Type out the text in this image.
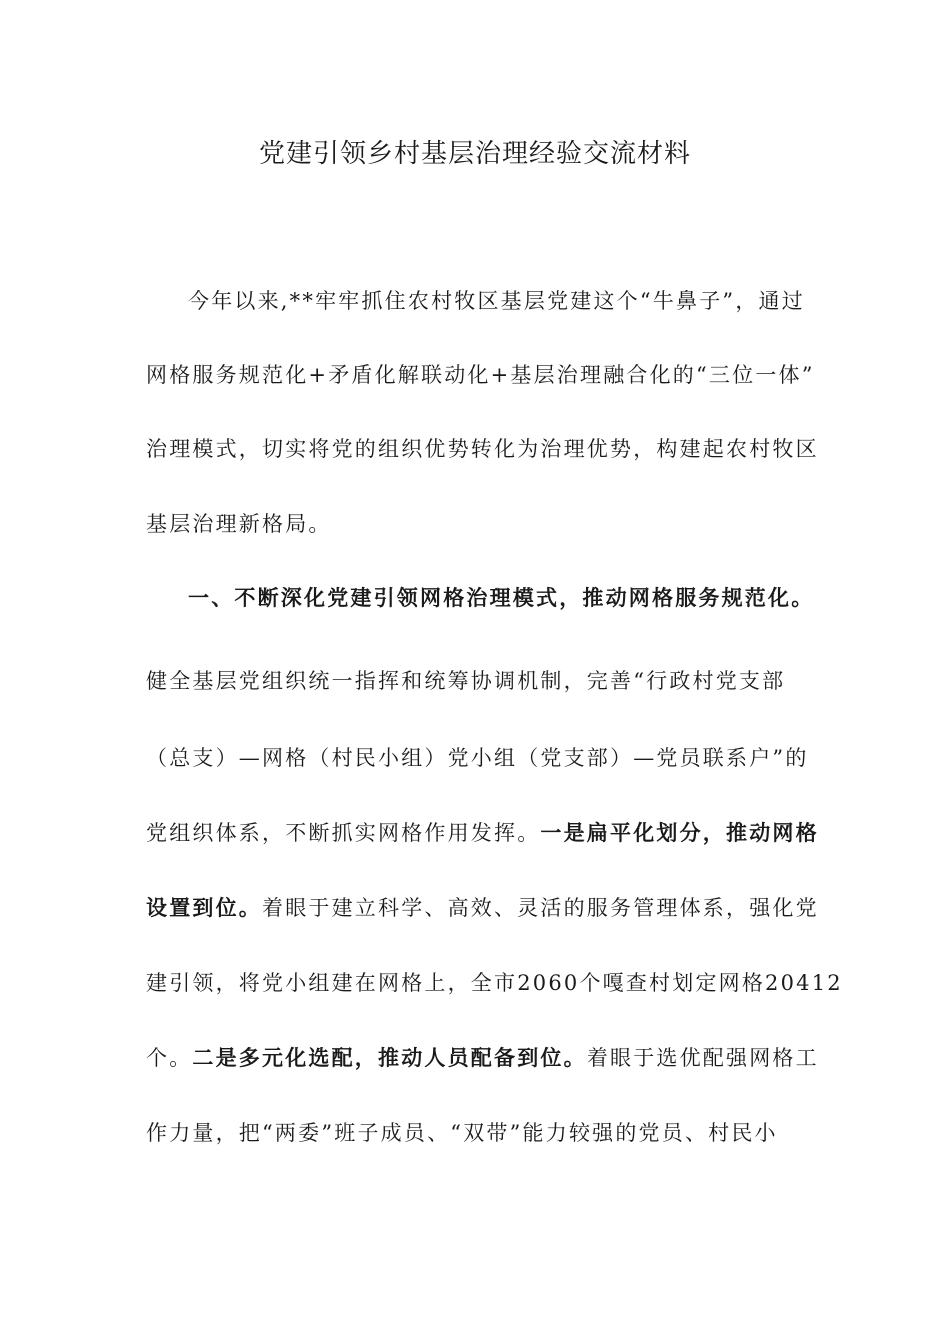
党建引领乡村基层治理经验交流材料

今年以来,**牢牢抓住农村牧区基层党建这个“牛鼻子”，通过

网格服务规范化+矛盾化解联动化+基层治理融合化的“三位一体”

治理模式，切实将党的组织优势转化为治理优势，构建起农村牧区

基层治理新格局。

一、不断深化党建引领网格治理模式，推动网格服务规范化。

健全基层党组织统一指挥和统筹协调机制，完善“行政村党支部

（总支）—网格（村民小组）党小组（党支部）—党员联系户”的

党组织体系，不断抓实网格作用发挥。一是扁平化划分，推动网格

设置到位。着眼于建立科学、高效、灵活的服务管理体系，强化党

建引领，将党小组建在网格上，全市2060个嘎查村划定网格20412

个。二是多元化选配，推动人员配备到位。着眼于选优配强网格工

作力量，把“两委”班子成员、“双带”能力较强的党员、村民小
